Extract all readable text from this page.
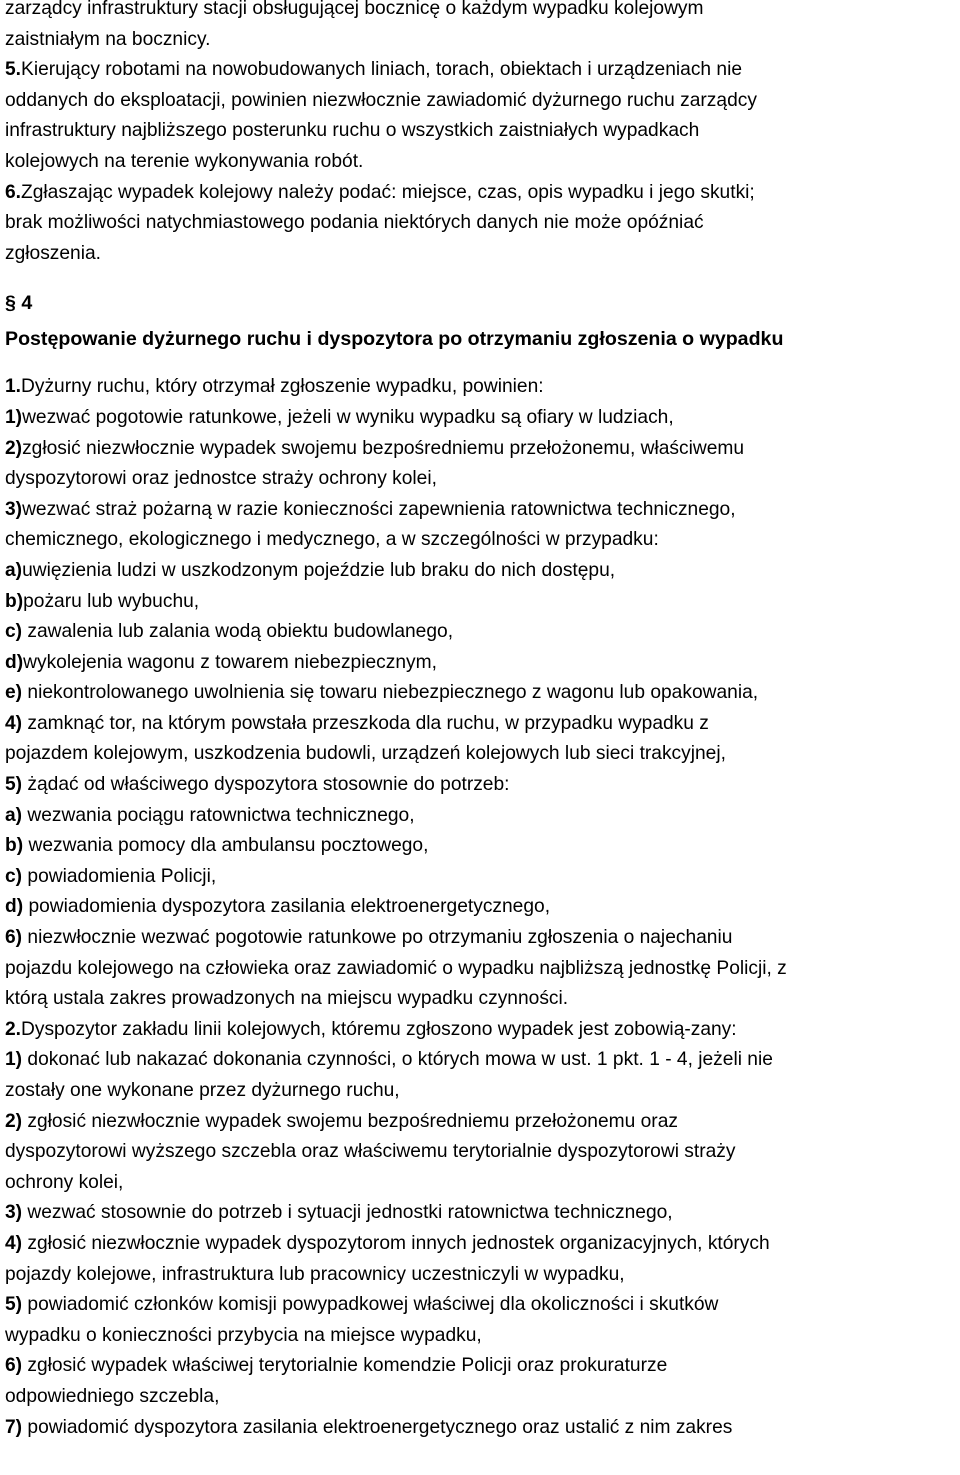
zarządcy infrastruktury stacji obsługującej bocznicę o każdym wypadku kolejowym
zaistniałym na bocznicy.
5.Kierujący robotami na nowobudowanych liniach, torach, obiektach i urządzeniach nie
oddanych do eksploatacji, powinien niezwłocznie zawiadomić dyżurnego ruchu zarządcy
infrastruktury najbliższego posterunku ruchu o wszystkich zaistniałych wypadkach
kolejowych na terenie wykonywania robót.
6.Zgłaszając wypadek kolejowy należy podać: miejsce, czas, opis wypadku i jego skutki;
brak możliwości natychmiastowego podania niektórych danych nie może opóźniać
zgłoszenia.
§ 4
Postępowanie dyżurnego ruchu i dyspozytora po otrzymaniu zgłoszenia o wypadku
1.Dyżurny ruchu, który otrzymał zgłoszenie wypadku, powinien:
1)wezwać pogotowie ratunkowe, jeżeli w wyniku wypadku są ofiary w ludziach,
2)zgłosić niezwłocznie wypadek swojemu bezpośredniemu przełożonemu, właściwemu
dyspozytorowi oraz jednostce straży ochrony kolei,
3)wezwać straż pożarną w razie konieczności zapewnienia ratownictwa technicznego,
chemicznego, ekologicznego i medycznego, a w szczególności w przypadku:
a)uwięzienia ludzi w uszkodzonym pojeździe lub braku do nich dostępu,
b)pożaru lub wybuchu,
c) zawalenia lub zalania wodą obiektu budowlanego,
d)wykolejenia wagonu z towarem niebezpiecznym,
e) niekontrolowanego uwolnienia się towaru niebezpiecznego z wagonu lub opakowania,
4) zamknąć tor, na którym powstała przeszkoda dla ruchu, w przypadku wypadku z
pojazdem kolejowym, uszkodzenia budowli, urządzeń kolejowych lub sieci trakcyjnej,
5) żądać od właściwego dyspozytora stosownie do potrzeb:
a) wezwania pociągu ratownictwa technicznego,
b) wezwania pomocy dla ambulansu pocztowego,
c) powiadomienia Policji,
d) powiadomienia dyspozytora zasilania elektroenergetycznego,
6) niezwłocznie wezwać pogotowie ratunkowe po otrzymaniu zgłoszenia o najechaniu
pojazdu kolejowego na człowieka oraz zawiadomić o wypadku najbliższą jednostkę Policji, z
którą ustala zakres prowadzonych na miejscu wypadku czynności.
2.Dyspozytor zakładu linii kolejowych, któremu zgłoszono wypadek jest zobowią-zany:
1) dokonać lub nakazać dokonania czynności, o których mowa w ust. 1 pkt. 1 - 4, jeżeli nie
zostały one wykonane przez dyżurnego ruchu,
2) zgłosić niezwłocznie wypadek swojemu bezpośredniemu przełożonemu oraz
dyspozytorowi wyższego szczebla oraz właściwemu terytorialnie dyspozytorowi straży
ochrony kolei,
3) wezwać stosownie do potrzeb i sytuacji jednostki ratownictwa technicznego,
4) zgłosić niezwłocznie wypadek dyspozytorom innych jednostek organizacyjnych, których
pojazdy kolejowe, infrastruktura lub pracownicy uczestniczyli w wypadku,
5) powiadomić członków komisji powypadkowej właściwej dla okoliczności i skutków
wypadku o konieczności przybycia na miejsce wypadku,
6) zgłosić wypadek właściwej terytorialnie komendzie Policji oraz prokuraturze
odpowiedniego szczebla,
7) powiadomić dyspozytora zasilania elektroenergetycznego oraz ustalić z nim zakres
